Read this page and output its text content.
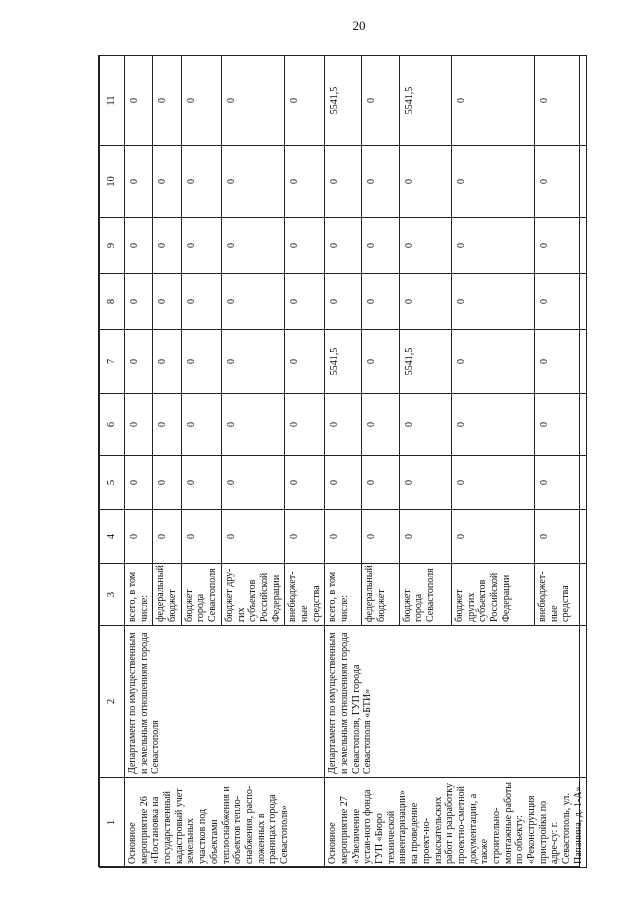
20
1	2	3	4	5	6	7	8	9	10	11
Основное мероприятие 26 «Постановка на государственный кадастровый учет земельных участков под объектами теплоснабжения и объектов тепло-снабжения, распо-ложенных в границах города Севастополя»	Департамент по имущественным и земельным отношениям города Севастополя	всего, в том числе:	0	0	0	0	0	0	0	0
		федеральный бюджет	0	0	0	0	0	0	0	0
		бюджет города Севастополя	0	0	0	0	0	0	0	0
		бюджет дру-гих субъектов Российской Федерации	0	0	0	0	0	0	0	0
		внебюджет-ные средства	0	0	0	0	0	0	0	0
Основное мероприятие 27 «Увеличение устав-ного фонда ГУП «Бюро технической инвентаризации» на проведение проект-но-изыскательских работ и разработку проектно-сметной документации, а также строительно-монтажные работы по объекту: «Реконструкция пристройки по адре-су: г. Севастополь, ул. Папанина, д. 1-А»	Департамент по имущественным и земельным отношениям города Севастополя, ГУП города Севастополя «БТИ»	всего, в том числе:	0	0	0	5541,5	0	0	0	5541,5
		федеральный бюджет	0	0	0	0	0	0	0	0
		бюджет города Севастополя	0	0	0	5541,5	0	0	0	5541,5
		бюджет других субъектов Российской Федерации	0	0	0	0	0	0	0	0
		внебюджет-ные средства	0	0	0	0	0	0	0	0
